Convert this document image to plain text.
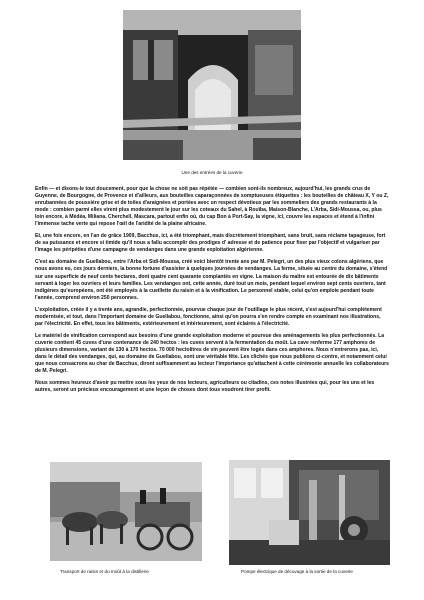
Une des entrées de la cuverie

Enfin — et disons-le tout doucement, pour que la chose ne soit pas répétée — combien sont-ils nombreux, aujourd'hui, les grands crus de Guyenne, de Bourgogne, de Provence et d'ailleurs, aux bouteilles caparaçonnées de somptueuses étiquettes : les bouteilles de château X, Y ou Z, enrubannées de poussière grise et de toiles d'araignées et portées avec un respect dévotieux par les sommeliers des grands restaurants à la mode : combien parmi elles virent plus modestement le jour sur les coteaux du Sahel, à Rouïba, Maison-Blanche, L'Arba, Sidi-Moussa, ou, plus loin encore, à Médéa, Miliana, Cherchell, Mascara, partout enfin où, du cap Bon à Port-Say, la vigne, ici, couvre les espaces et étend à l'infini l'immense tache verte qui repose l'œil de l'aridité de la plaine africaine.

Et, une fois encore, en l'an de grâce 1909, Bacchus, ici, a été triomphant, mais discrètement triomphant, sans bruit, sans réclame tapageuse, fort de sa puissance et encore si timide qu'il nous a fallu accomplir des prodiges d' adresse et de patience pour fixer par l'objectif et vulgariser par l'image les péripéties d'une campagne de vendanges dans une grande exploitation algérienne.

C'est au domaine de Guellabou, entre l'Arba et Sidi-Moussa, créé voici bientôt trente ans par M. Pelegri, un des plus vieux colons algériens, que nous avons eu, ces jours derniers, la bonne fortune d'assister à quelques journées de vendanges. La ferme, située au centre du domaine, s'étend sur une superficie de neuf cents hectares, dont quatre cent quarante complantés en vigne. La maison du maître est entourée de dix bâtiments servant à loger les ouvriers et leurs familles. Les vendanges ont, cette année, duré tout un mois, pendant lequel environ sept cents ouvriers, tant indigènes qu'européens, ont été employés à la cueillette du raisin et à la vinification. Le personnel stable, celui qu'on emploie pendant toute l'année, comprend environ 250 personnes.

L'exploitation, créée il y a trente ans, agrandie, perfectionnée, pourvue chaque jour de l'outillage le plus récent, s'est aujourd'hui complètement modernisée, et tout, dans l'important domaine de Guellabou, fonctionne, ainsi qu'on pourra s'en rendre compte en examinant nos illustrations, par l'électricité. En effet, tous les bâtiments, extérieurement et intérieurement, sont éclairés à l'électricité.

Le matériel de vinification correspond aux besoins d'une grande exploitation moderne et pourvue des aménagements les plus perfectionnés. La cuverie contient 45 cuves d'une contenance de 240 hectos : les cuves servent à la fermentation du moût. La cave renferme 177 amphores de plusieurs dimensions, variant de 130 à 170 hectos. 70 000 hectolitres de vin peuvent être logés dans ces amphores. Nous n'entrerons pas, ici, dans le détail des vendanges, qui, au domaine de Guellabou, sont une véritable fête. Les clichés que nous publions ci-contre, et notamment celui que nous consacrons au char de Bacchus, diront suffisamment au lecteur l'importance qu'attachent à cette cérémonie annuelle les collaborateurs de M. Pelegri.

Nous sommes heureux d'avoir pu mettre sous les yeux de nos lecteurs, agriculteurs ou citadins, ces notes illustrées qui, pour les uns et les autres, seront un précieux encouragement et une leçon de choses dont tous voudront tirer profit.

Transport de raisin et du moût à la distillerie	Pompe électrique de décuvage à la sortie de la cuverie
